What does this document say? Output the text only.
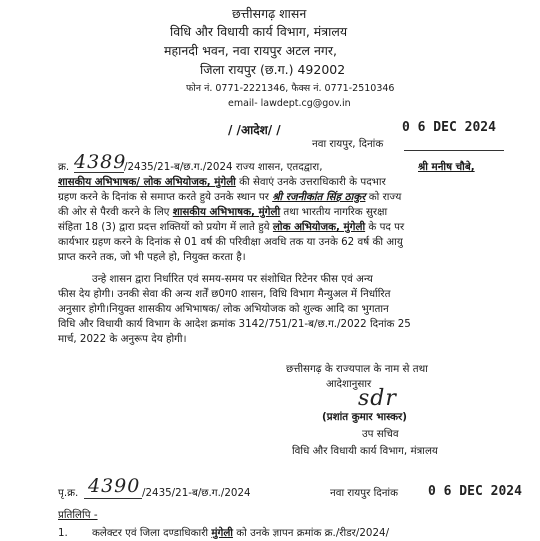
छत्तीसगढ़ शासन
विधि और विधायी कार्य विभाग, मंत्रालय
महानदी भवन, नवा रायपुर अटल नगर,
जिला रायपुर (छ.ग.) 492002
फोन नं. 0771-2221346, फैक्स नं. 0771-2510346
email- lawdept.cg@gov.in
/ /आदेश/ /	0 6 DEC 2024
नवा रायपुर, दिनांक
क्र. 4389
/2435/21-ब/छ.ग./2024 राज्य शासन, एतदद्वारा,	श्री मनीष चौबे,
शासकीय अभिभाषक/ लोक अभियोजक, मुंगेली की सेवाएं उनके उत्तराधिकारी के पदभार
ग्रहण करने के दिनांक से समाप्त करते हुये उनके स्थान पर श्री रजनीकांत सिंह ठाकुर को राज्य
की ओर से पैरवी करने के लिए शासकीय अभिभाषक, मुंगेली तथा भारतीय नागरिक सुरक्षा
संहिता 18 (3) द्वारा प्रदत्त शक्तियों को प्रयोग में लाते हुये लोक अभियोजक, मुंगेली के पद पर
कार्यभार ग्रहण करने के दिनांक से 01 वर्ष की परिवीक्षा अवधि तक या उनके 62 वर्ष की आयु
प्राप्त करने तक, जो भी पहले हो, नियुक्त करता है।
उन्हे शासन द्वारा निर्धारित एवं समय-समय पर संशोधित रिटेनर फीस एवं अन्य
फीस देय होगी। उनकी सेवा की अन्य शर्तें छ0ग0 शासन, विधि विभाग मैन्युअल में निर्धारित
अनुसार होगी।नियुक्त शासकीय अभिभाषक/ लोक अभियोजक को शुल्क आदि का भुगतान
विधि और विधायी कार्य विभाग के आदेश क्रमांक 3142/751/21-ब/छ.ग./2022 दिनांक 25
मार्च, 2022 के अनुरूप देय होगी।
छत्तीसगढ़ के राज्यपाल के नाम से तथा
आदेशानुसार
sdr
(प्रशांत कुमार भास्कर)
उप सचिव
विधि और विधायी कार्य विभाग, मंत्रालय
पृ.क्र. 4390 /2435/21-ब/छ.ग./2024	नवा रायपुर दिनांक 0 6 DEC 2024
प्रतिलिपि -
1. कलेक्टर एवं जिला दण्डाधिकारी मुंगेली को उनके ज्ञापन क्रमांक क्र./रीडर/2024/
